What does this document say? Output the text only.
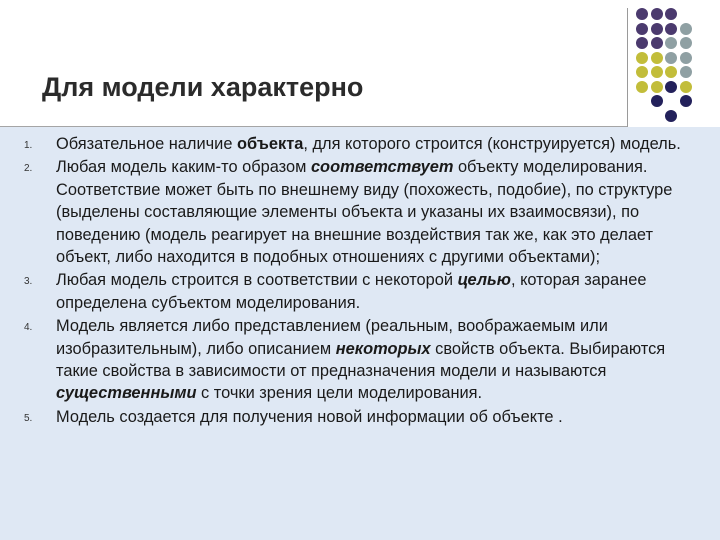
Для модели характерно
1. Обязательное наличие объекта, для которого строится (конструируется) модель.
2. Любая модель каким-то образом соответствует объекту моделирования. Соответствие может быть по внешнему виду (похожесть, подобие), по структуре (выделены составляющие элементы объекта и указаны их взаимосвязи), по поведению (модель реагирует на внешние воздействия так же, как это делает объект, либо находится в подобных отношениях с другими объектами);
3. Любая модель строится в соответствии с некоторой целью, которая заранее определена субъектом моделирования.
4. Модель является либо представлением (реальным, воображаемым или изобразительным), либо описанием некоторых свойств объекта. Выбираются такие свойства в зависимости от предназначения модели и называются существенными с точки зрения цели моделирования.
5. Модель создается для получения новой информации об объекте .
